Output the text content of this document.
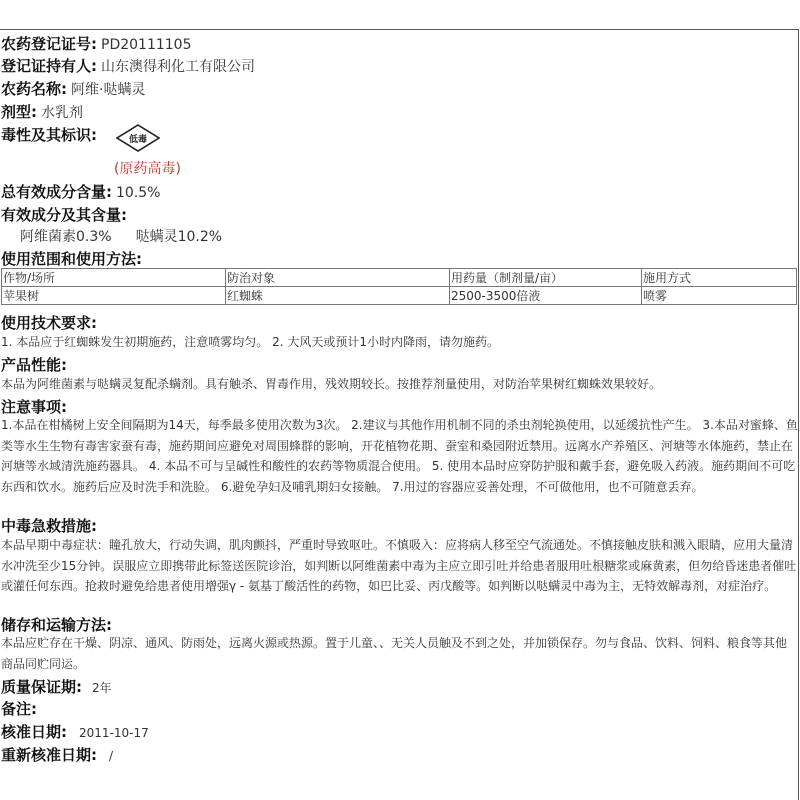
农药登记证号: PD20111105
登记证持有人: 山东澳得利化工有限公司
农药名称: 阿维·哒螨灵
剂型: 水乳剂
毒性及其标识:	低毒
(原药高毒)
总有效成分含量: 10.5%
有效成分及其含量:
阿维菌素0.3% 哒螨灵10.2%
使用范围和使用方法:
作物/场所	防治对象	用药量（制剂量/亩）	施用方式
苹果树	红蜘蛛	2500-3500倍液	喷雾
使用技术要求:
1. 本品应于红蜘蛛发生初期施药，注意喷雾均匀。 2. 大风天或预计1小时内降雨，请勿施药。
产品性能:
本品为阿维菌素与哒螨灵复配杀螨剂。具有触杀、胃毒作用，残效期较长。按推荐剂量使用，对防治苹果树红蜘蛛效果较好。
注意事项:
1.本品在柑橘树上安全间隔期为14天，每季最多使用次数为3次。 2.建议与其他作用机制不同的杀虫剂轮换使用，以延缓抗性产生。 3.本品对蜜蜂、鱼类等水生生物有毒害家蚕有毒，施药期间应避免对周围蜂群的影响，开花植物花期、蚕室和桑园附近禁用。远离水产养殖区、河塘等水体施药，禁止在河塘等水域清洗施药器具。 4. 本品不可与呈碱性和酸性的农药等物质混合使用。 5. 使用本品时应穿防护服和戴手套，避免吸入药液。施药期间不可吃东西和饮水。施药后应及时洗手和洗脸。 6.避免孕妇及哺乳期妇女接触。 7.用过的容器应妥善处理，不可做他用，也不可随意丢弃。
中毒急救措施:
本品早期中毒症状：瞳孔放大，行动失调，肌肉颤抖，严重时导致呕吐。不慎吸入：应将病人移至空气流通处。不慎接触皮肤和溅入眼睛，应用大量清水冲洗至少15分钟。误服应立即携带此标签送医院诊治，如判断以阿维菌素中毒为主应立即引吐并给患者服用吐根糖浆或麻黄素，但勿给昏迷患者催吐或灌任何东西。抢救时避免给患者使用增强γ - 氨基丁酸活性的药物，如巴比妥、丙戊酸等。如判断以哒螨灵中毒为主，无特效解毒剂，对症治疗。
储存和运输方法:
本品应贮存在干燥、阴凉、通风、防雨处，远离火源或热源。置于儿童、、无关人员触及不到之处，并加锁保存。勿与食品、饮料、饲料、粮食等其他商品同贮同运。
质量保证期: 2年
备注:
核准日期: 2011-10-17
重新核准日期: /
